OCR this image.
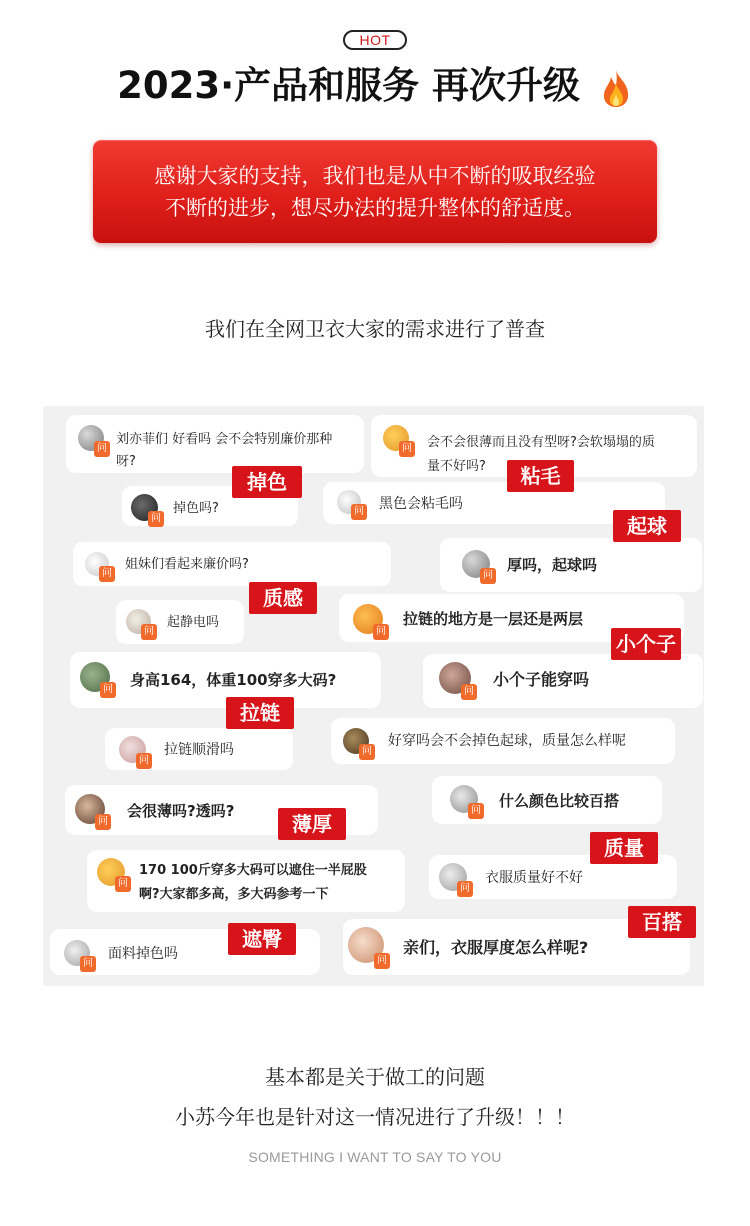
HOT
2023·产品和服务 再次升级

感谢大家的支持，我们也是从中不断的吸取经验

不断的进步，想尽办法的提升整体的舒适度。

我们在全网卫衣大家的需求进行了普查
问
刘亦菲们 好看吗 会不会特别廉价那种
呀?
问 会不会很薄而且没有型呀?会软塌塌的质
量不好吗?
问
掉色吗?	问 黑色会粘毛吗
问
姐妹们看起来廉价吗?
问
厚吗，起球吗
问
起静电吗
问
拉链的地方是一层还是两层
问
身高164，体重100穿多大码?
问
小个子能穿吗
问
拉链顺滑吗	问
好穿吗会不会掉色起球，质量怎么样呢
问
会很薄吗?透吗?	问
什么颜色比较百搭
问
170 100斤穿多大码可以遮住一半屁股
啊?大家都多高，多大码参考一下	问
衣服质量好不好
问
面料掉色吗	问
亲们，衣服厚度怎么样呢?
掉色	粘毛
起球
质感
小个子
拉链
薄厚
质量
遮臀
百搭
基本都是关于做工的问题
小苏今年也是针对这一情况进行了升级！！！
SOMETHING I WANT TO SAY TO YOU
